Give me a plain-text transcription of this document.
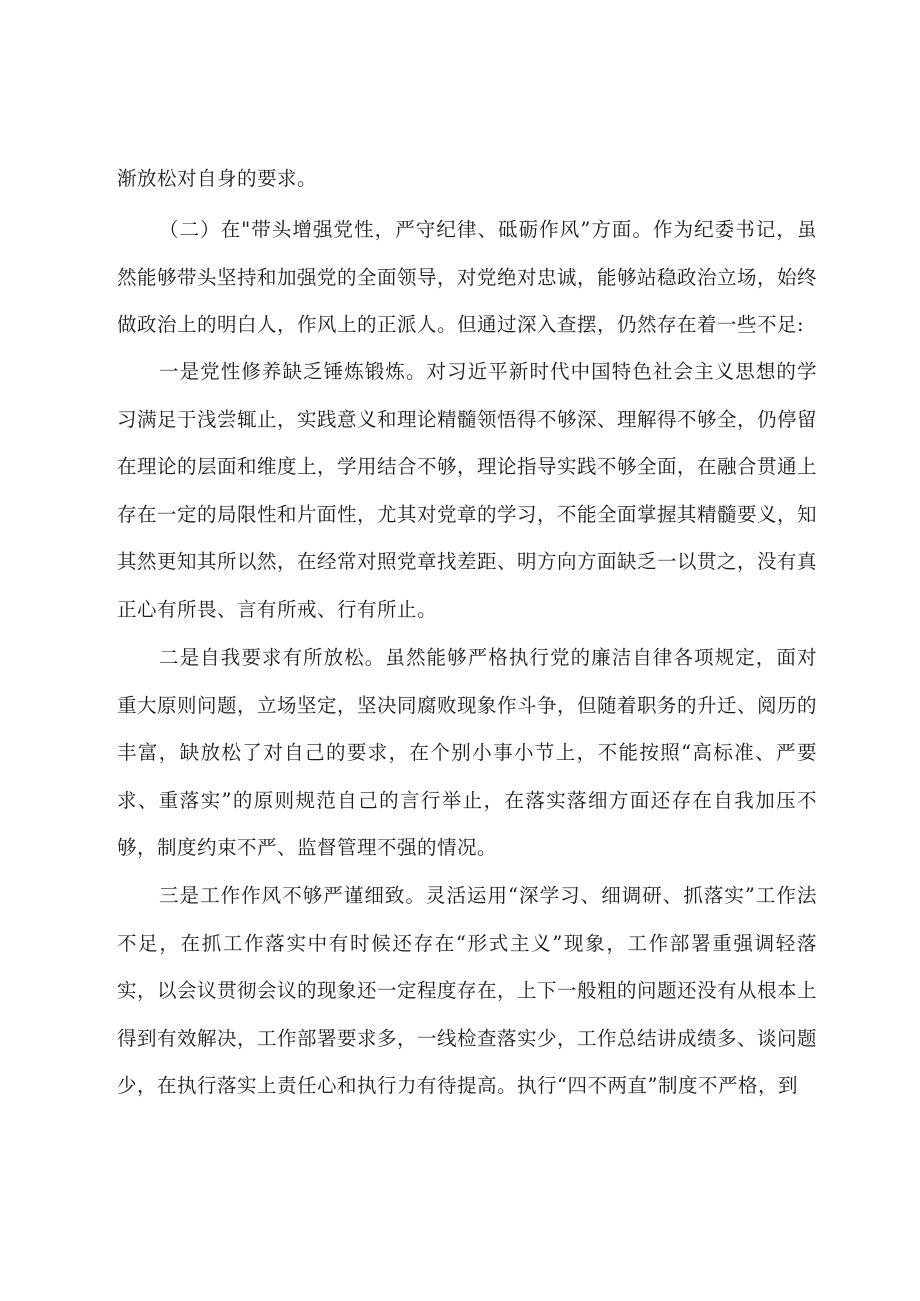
渐放松对自身的要求。

（二）在"带头增强党性，严守纪律、砥砺作风”方面。作为纪委书记，虽然能够带头坚持和加强党的全面领导，对党绝对忠诚，能够站稳政治立场，始终做政治上的明白人，作风上的正派人。但通过深入查摆，仍然存在着一些不足:

一是党性修养缺乏锤炼锻炼。对习近平新时代中国特色社会主义思想的学习满足于浅尝辄止，实践意义和理论精髓领悟得不够深、理解得不够全，仍停留在理论的层面和维度上，学用结合不够，理论指导实践不够全面，在融合贯通上存在一定的局限性和片面性，尤其对党章的学习，不能全面掌握其精髓要义，知其然更知其所以然，在经常对照党章找差距、明方向方面缺乏一以贯之，没有真正心有所畏、言有所戒、行有所止。

二是自我要求有所放松。虽然能够严格执行党的廉洁自律各项规定，面对重大原则问题，立场坚定，坚决同腐败现象作斗争，但随着职务的升迁、阅历的丰富，缺放松了对自己的要求，在个别小事小节上，不能按照“高标准、严要求、重落实”的原则规范自己的言行举止，在落实落细方面还存在自我加压不够，制度约束不严、监督管理不强的情况。

三是工作作风不够严谨细致。灵活运用“深学习、细调研、抓落实”工作法不足，在抓工作落实中有时候还存在“形式主义”现象，工作部署重强调轻落实，以会议贯彻会议的现象还一定程度存在，上下一般粗的问题还没有从根本上得到有效解决，工作部署要求多，一线检查落实少，工作总结讲成绩多、谈问题少，在执行落实上责任心和执行力有待提高。执行“四不两直”制度不严格，到
